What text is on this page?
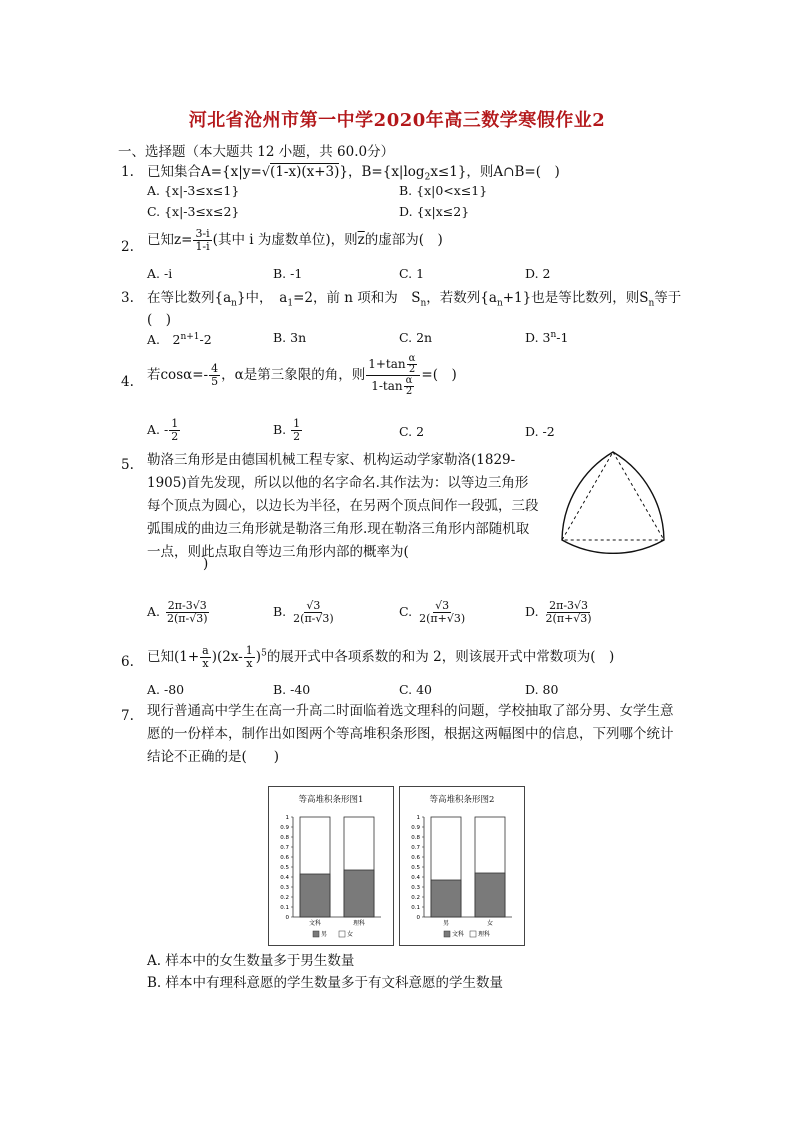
河北省沧州市第一中学2020年高三数学寒假作业2
一、选择题（本大题共 12 小题，共 60.0分）
1. 已知集合A={x|y=√(1-x)(x+3)}，$B=\{x|\log_2x\le 1\}$，则A∩B=(　)
A. {x|-3≤x≤1}	B. {x|0<x≤1}
C. {x|-3≤x≤2}	D. {x|x≤2}
2. 已知$z= \frac{3-i}{1-i}$ (其中 i 为虚数单位)，则$\overline{z}$的虚部为(　)
A. -i	B. -1	C. 1	D. 2
3. 在等比数列$\{a_n\}$中，　$a_1=2$，前 n 项和为　$S_n$，若数列$\{a_n+1\}$也是等比数列，则$S_n$等于
(　)
A.　$2^{n+1}-2$	B. 3n	C. 2n	D. 3$^n$-1
4. 若$\cos\alpha=- \frac{4}{5}$ ，α是第三象限的角，则 $\frac{1+\tan \frac{\alpha}{2}}{1-\tan \frac{\alpha}{2}}$ =(　)
A. - $\frac{1}{2}$	B. $\frac{1}{2}$	C. 2	D. -2
5. 勒洛三角形是由德国机械工程专家、机构运动学家勒洛(1829-1905)首先发现，所以以他的名字命名.其作法为：以等边三角形每个顶点为圆心，以边长为半径，在另两个顶点间作一段弧，三段弧围成的曲边三角形就是勒洛三角形.现在勒洛三角形内部随机取一点，则此点取自等边三角形内部的概率为(
)
A. $\frac{2\pi-3√3}{2(\pi-√3)}$	B. $\frac{√3}{2(\pi-√3)}$	C. $\frac{√3}{2(\pi+√3)}$	D. $\frac{2\pi-3√3}{2(\pi+√3)}$
6. 已知$(1+ \frac{a}{x} )(2x- \frac{1}{x} )^5$的展开式中各项系数的和为 2，则该展开式中常数项为(　)
A. -80	B. -40	C. 40	D. 80
7. 现行普通高中学生在高一升高二时面临着选文理科的问题，学校抽取了部分男、女学生意愿的一份样本，制作出如图两个等高堆积条形图，根据这两幅图中的信息，下列哪个统计结论不正确的是(　　)
等高堆积条形图1
0
0.1
0.2
0.3
0.4
0.5
0.6
0.7
0.8
0.9
1
文科	理科
男	女
等高堆积条形图2
0
0.1
0.2
0.3
0.4
0.5
0.6
0.7
0.8
0.9
1
男	女
文科 理科
A. 样本中的女生数量多于男生数量
B. 样本中有理科意愿的学生数量多于有文科意愿的学生数量
